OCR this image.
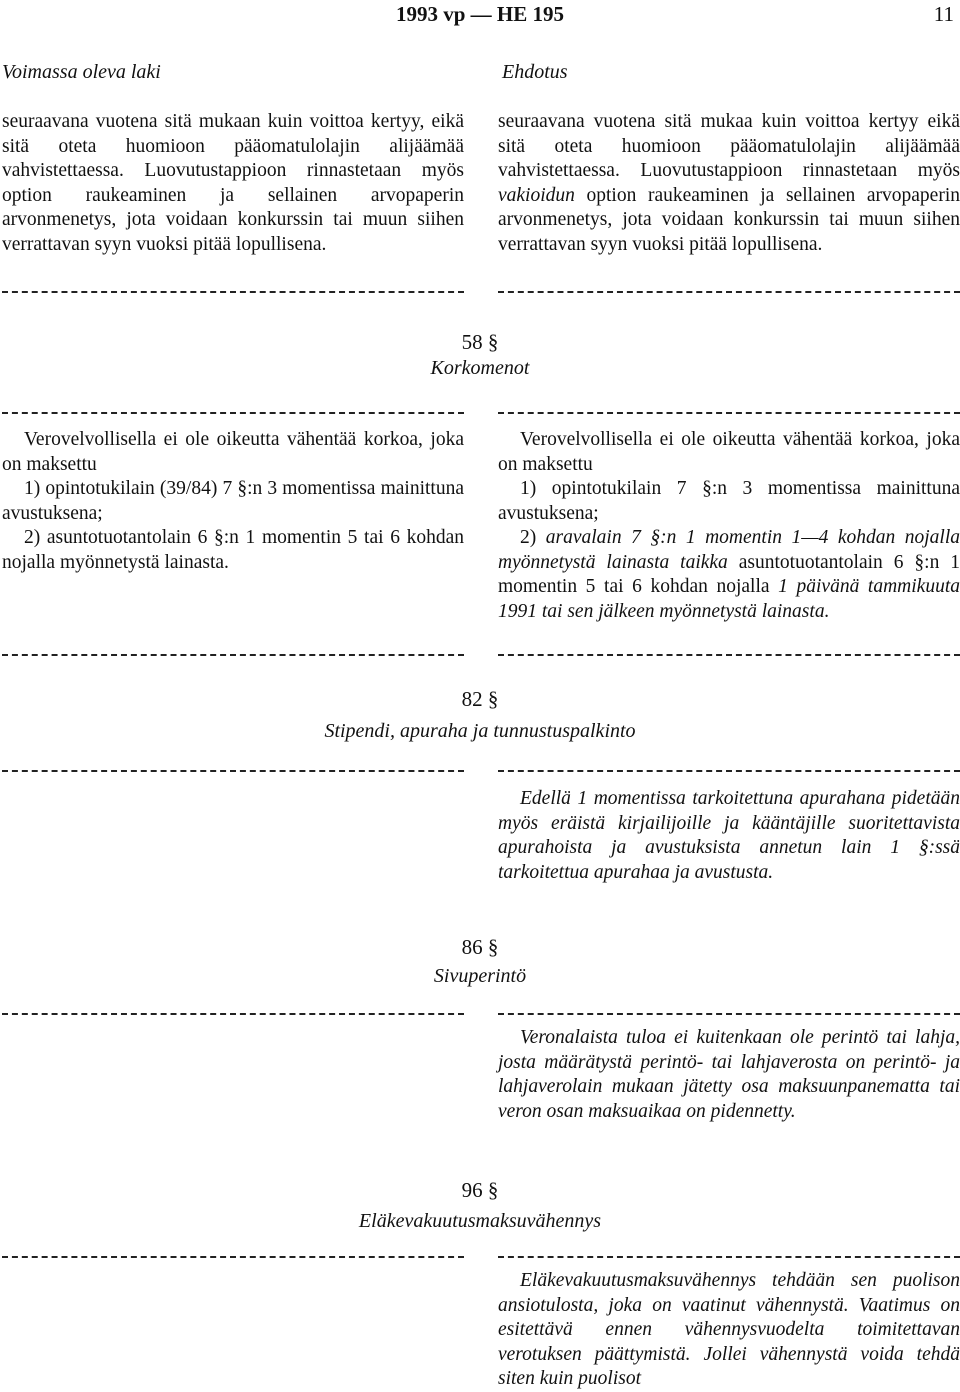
1993 vp — HE 195	11
Voimassa oleva laki	Ehdotus

seuraavana vuotena sitä mukaan kuin voittoa kertyy, eikä sitä oteta huomioon pääomatulolajin alijäämää vahvistettaessa. Luovutustappioon rinnastetaan myös option raukeaminen ja sellainen arvopaperin arvonmenetys, jota voidaan konkurssin tai muun siihen verrattavan syyn vuoksi pitää lopullisena.

seuraavana vuotena sitä mukaa kuin voittoa kertyy eikä sitä oteta huomioon pääomatulolajin alijäämää vahvistettaessa. Luovutustappioon rinnastetaan myös vakioidun option raukeaminen ja sellainen arvopaperin arvonmenetys, jota voidaan konkurssin tai muun siihen verrattavan syyn vuoksi pitää lopullisena.

58 §
Korkomenot

Verovelvollisella ei ole oikeutta vähentää korkoa, joka on maksettu

1) opintotukilain (39/84) 7 §:n 3 momentissa mainittuna avustuksena;

2) asuntotuotantolain 6 §:n 1 momentin 5 tai 6 kohdan nojalla myönnetystä lainasta.

Verovelvollisella ei ole oikeutta vähentää korkoa, joka on maksettu

1) opintotukilain 7 §:n 3 momentissa mainittuna avustuksena;

2) aravalain 7 §:n 1 momentin 1—4 kohdan nojalla myönnetystä lainasta taikka asuntotuotantolain 6 §:n 1 momentin 5 tai 6 kohdan nojalla 1 päivänä tammikuuta 1991 tai sen jälkeen myönnetystä lainasta.

82 §
Stipendi, apuraha ja tunnustuspalkinto

Edellä 1 momentissa tarkoitettuna apurahana pidetään myös eräistä kirjailijoille ja kääntäjille suoritettavista apurahoista ja avustuksista annetun lain 1 §:ssä tarkoitettua apurahaa ja avustusta.

86 §
Sivuperintö

Veronalaista tuloa ei kuitenkaan ole perintö tai lahja, josta määrätystä perintö- tai lahjaverosta on perintö- ja lahjaverolain mukaan jätetty osa maksuunpanematta tai veron osan maksuaikaa on pidennetty.

96 §
Eläkevakuutusmaksuvähennys

Eläkevakuutusmaksuvähennys tehdään sen puolison ansiotulosta, joka on vaatinut vähennystä. Vaatimus on esitettävä ennen vähennysvuodelta toimitettavan verotuksen päättymistä. Jollei vähennystä voida tehdä siten kuin puolisot
